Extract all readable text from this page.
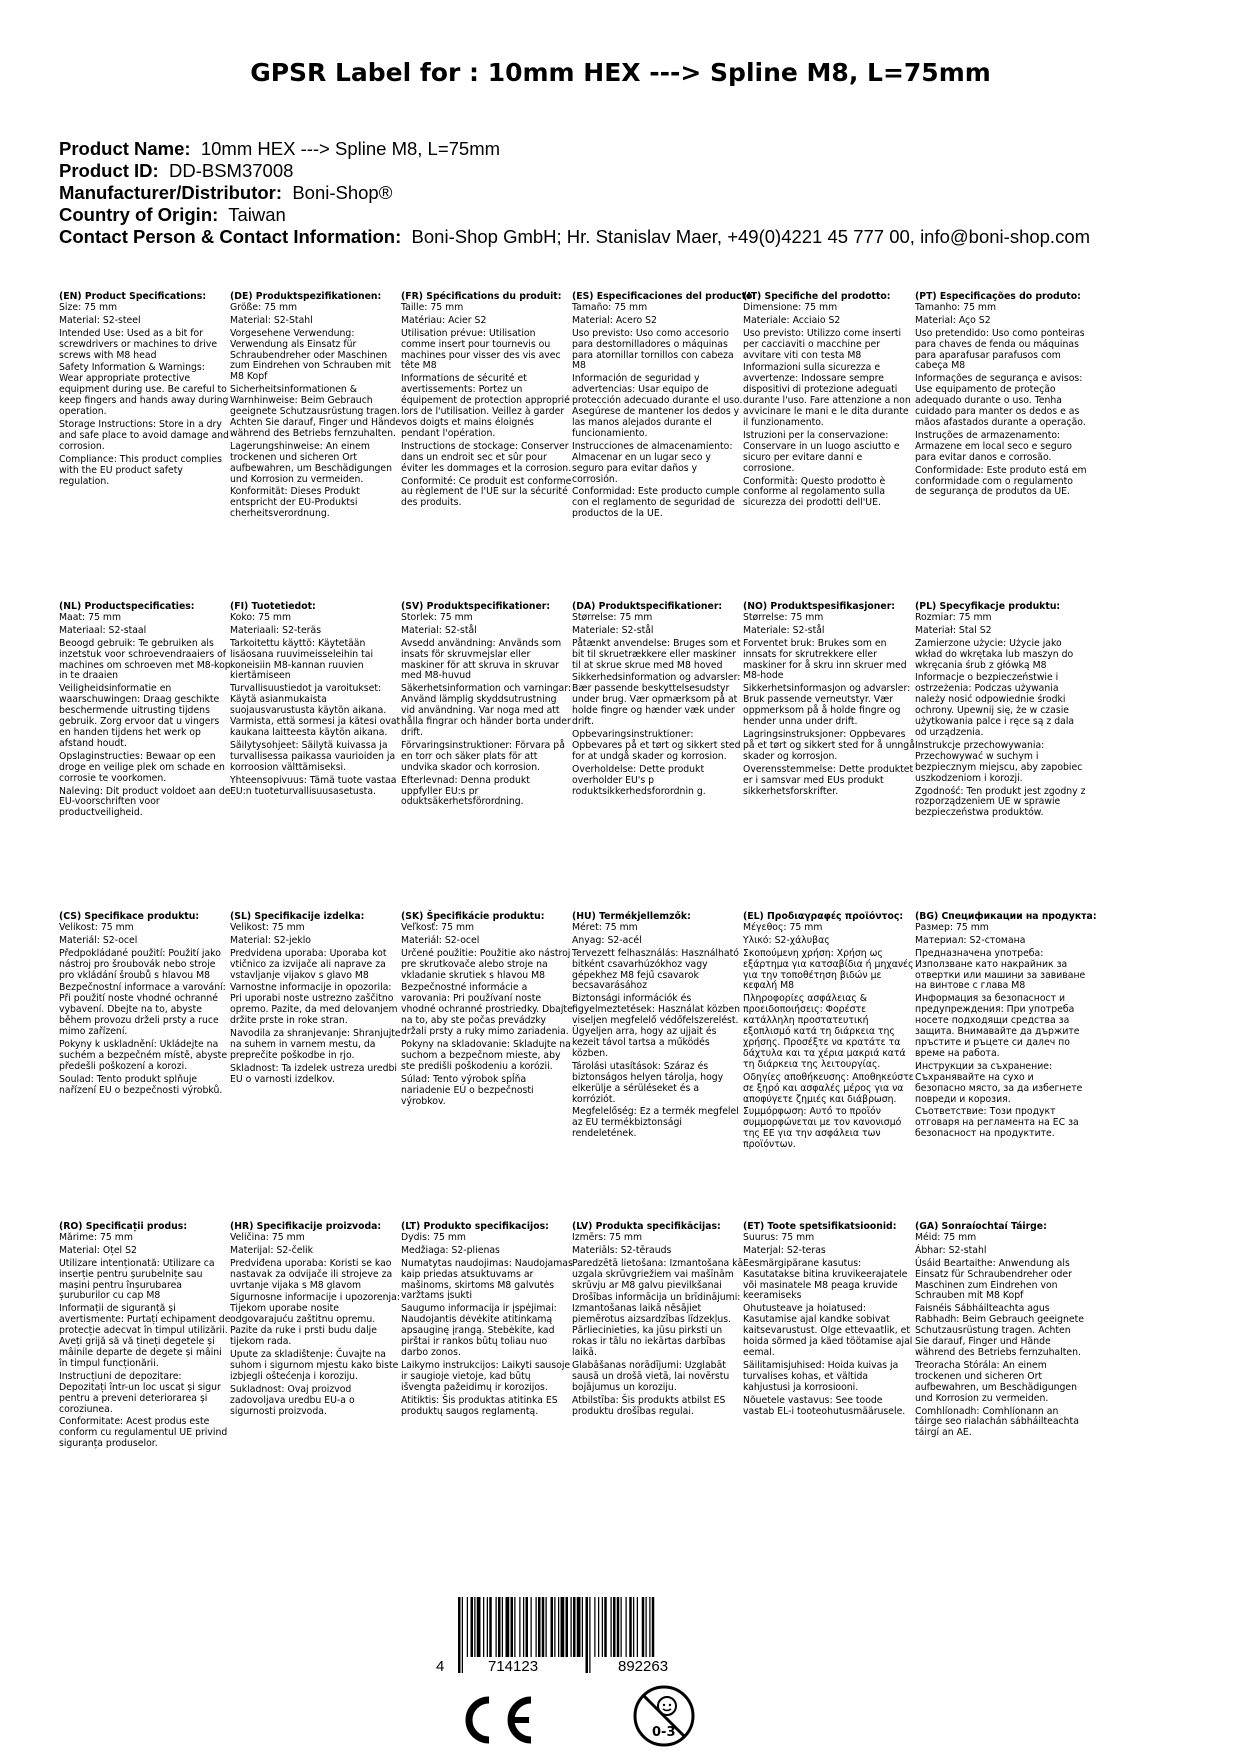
GPSR Label for : 10mm HEX ---> Spline M8, L=75mm
Product Name: 10mm HEX ---> Spline M8, L=75mm
Product ID: DD-BSM37008
Manufacturer/Distributor: Boni-Shop®
Country of Origin: Taiwan
Contact Person & Contact Information: Boni-Shop GmbH; Hr. Stanislav Maer, +49(0)4221 45 777 00, info@boni-shop.com
(EN) Product Specifications:
Size: 75 mm
Material: S2-steel
Intended Use: Used as a bit for screwdrivers or machines to drive screws with M8 head
Safety Information & Warnings: Wear appropriate protective equipment during use. Be careful to keep fingers and hands away during operation.
Storage Instructions: Store in a dry and safe place to avoid damage and corrosion.
Compliance: This product complies with the EU product safety regulation.
(DE) Produktspezifikationen:
Größe: 75 mm
Material: S2-Stahl
Vorgesehene Verwendung: Verwendung als Einsatz für Schraubendreher oder Maschinen zum Eindrehen von Schrauben mit M8 Kopf
Sicherheitsinformationen & Warnhinweise: Beim Gebrauch geeignete Schutzausrüstung tragen. Achten Sie darauf, Finger und Hände während des Betriebs fernzuhalten.
Lagerungshinweise: An einem trockenen und sicheren Ort aufbewahren, um Beschädigungen und Korrosion zu vermeiden.
Konformität: Dieses Produkt entspricht der EU-Produktsi cherheitsverordnung.
(FR) Spécifications du produit:
Taille: 75 mm
Matériau: Acier S2
Utilisation prévue: Utilisation comme insert pour tournevis ou machines pour visser des vis avec tête M8
Informations de sécurité et avertissements: Portez un équipement de protection approprié lors de l'utilisation. Veillez à garder vos doigts et mains éloignés pendant l'opération.
Instructions de stockage: Conserver dans un endroit sec et sûr pour éviter les dommages et la corrosion.
Conformité: Ce produit est conforme au règlement de l'UE sur la sécurité des produits.
(ES) Especificaciones del producto:
Tamaño: 75 mm
Material: Acero S2
Uso previsto: Uso como accesorio para destornilladores o máquinas para atornillar tornillos con cabeza M8
Información de seguridad y advertencias: Usar equipo de protección adecuado durante el uso. Asegúrese de mantener los dedos y las manos alejados durante el funcionamiento.
Instrucciones de almacenamiento: Almacenar en un lugar seco y seguro para evitar daños y corrosión.
Conformidad: Este producto cumple con el reglamento de seguridad de productos de la UE.
(IT) Specifiche del prodotto:
Dimensione: 75 mm
Materiale: Acciaio S2
Uso previsto: Utilizzo come inserti per cacciaviti o macchine per avvitare viti con testa M8
Informazioni sulla sicurezza e avvertenze: Indossare sempre dispositivi di protezione adeguati durante l'uso. Fare attenzione a non avvicinare le mani e le dita durante il funzionamento.
Istruzioni per la conservazione: Conservare in un luogo asciutto e sicuro per evitare danni e corrosione.
Conformità: Questo prodotto è conforme al regolamento sulla sicurezza dei prodotti dell'UE.
(PT) Especificações do produto:
Tamanho: 75 mm
Material: Aço S2
Uso pretendido: Uso como ponteiras para chaves de fenda ou máquinas para aparafusar parafusos com cabeça M8
Informações de segurança e avisos: Use equipamento de proteção adequado durante o uso. Tenha cuidado para manter os dedos e as mãos afastados durante a operação.
Instruções de armazenamento: Armazene em local seco e seguro para evitar danos e corrosão.
Conformidade: Este produto está em conformidade com o regulamento de segurança de produtos da UE.
(NL) Productspecificaties:
Maat: 75 mm
Materiaal: S2-staal
Beoogd gebruik: Te gebruiken als inzetstuk voor schroevendraaiers of machines om schroeven met M8-kop in te draaien
Veiligheidsinformatie en waarschuwingen: Draag geschikte beschermende uitrusting tijdens gebruik. Zorg ervoor dat u vingers en handen tijdens het werk op afstand houdt.
Opslaginstructies: Bewaar op een droge en veilige plek om schade en corrosie te voorkomen.
Naleving: Dit product voldoet aan de EU-voorschriften voor productveiligheid.
(FI) Tuotetiedot:
Koko: 75 mm
Materiaali: S2-teräs
Tarkoitettu käyttö: Käytetään lisäosana ruuvimeisseleihin tai koneisiin M8-kannan ruuvien kiertämiseen
Turvallisuustiedot ja varoitukset: Käytä asianmukaista suojausvarustusta käytön aikana. Varmista, että sormesi ja kätesi ovat kaukana laitteesta käytön aikana.
Säilytysohjeet: Säilytä kuivassa ja turvallisessa paikassa vaurioiden ja korroosion välttämiseksi.
Yhteensopivuus: Tämä tuote vastaa EU:n tuoteturvallisuusasetusta.
(SV) Produktspecifikationer:
Storlek: 75 mm
Material: S2-stål
Avsedd användning: Används som insats för skruvmejslar eller maskiner för att skruva in skruvar med M8-huvud
Säkerhetsinformation och varningar: Använd lämplig skyddsutrustning vid användning. Var noga med att hålla fingrar och händer borta under drift.
Förvaringsinstruktioner: Förvara på en torr och säker plats för att undvika skador och korrosion.
Efterlevnad: Denna produkt uppfyller EU:s pr oduktsäkerhetsförordning.
(DA) Produktspecifikationer:
Størrelse: 75 mm
Materiale: S2-stål
Påtænkt anvendelse: Bruges som et bit til skruetrækkere eller maskiner til at skrue skrue med M8 hoved
Sikkerhedsinformation og advarsler: Bær passende beskyttelsesudstyr under brug. Vær opmærksom på at holde fingre og hænder væk under drift.
Opbevaringsinstruktioner: Opbevares på et tørt og sikkert sted for at undgå skader og korrosion.
Overholdelse: Dette produkt overholder EU's p roduktsikkerhedsforordnin g.
(NO) Produktspesifikasjoner:
Størrelse: 75 mm
Materiale: S2-stål
Forventet bruk: Brukes som en innsats for skrutrekkere eller maskiner for å skru inn skruer med M8-hode
Sikkerhetsinformasjon og advarsler: Bruk passende verneutstyr. Vær oppmerksom på å holde fingre og hender unna under drift.
Lagringsinstruksjoner: Oppbevares på et tørt og sikkert sted for å unngå skader og korrosjon.
Overensstemmelse: Dette produktet er i samsvar med EUs produkt sikkerhetsforskrifter.
(PL) Specyfikacje produktu:
Rozmiar: 75 mm
Materiał: Stal S2
Zamierzone użycie: Użycie jako wkład do wkrętaka lub maszyn do wkręcania śrub z główką M8
Informacje o bezpieczeństwie i ostrzeżenia: Podczas używania należy nosić odpowiednie środki ochrony. Upewnij się, że w czasie użytkowania palce i ręce są z dala od urządzenia.
Instrukcje przechowywania: Przechowywać w suchym i bezpiecznym miejscu, aby zapobiec uszkodzeniom i korozji.
Zgodność: Ten produkt jest zgodny z rozporządzeniem UE w sprawie bezpieczeństwa produktów.
(CS) Specifikace produktu:
Velikost: 75 mm
Materiál: S2-ocel
Předpokládané použití: Použití jako nástroj pro šroubovák nebo stroje pro vkládání šroubů s hlavou M8
Bezpečnostní informace a varování: Při použití noste vhodné ochranné vybavení. Dbejte na to, abyste během provozu drželi prsty a ruce mimo zařízení.
Pokyny k uskladnění: Ukládejte na suchém a bezpečném místě, abyste předešli poškození a korozi.
Soulad: Tento produkt splňuje nařízení EU o bezpečnosti výrobků.
(SL) Specifikacije izdelka:
Velikost: 75 mm
Material: S2-jeklo
Predvidena uporaba: Uporaba kot vtičnico za izvijače ali naprave za vstavljanje vijakov s glavo M8
Varnostne informacije in opozorila: Pri uporabi noste ustrezno zaščitno opremo. Pazite, da med delovanjem držite prste in roke stran.
Navodila za shranjevanje: Shranjujte na suhem in varnem mestu, da preprečite poškodbe in rjo.
Skladnost: Ta izdelek ustreza uredbi EU o varnosti izdelkov.
(SK) Špecifikácie produktu:
Veľkosť: 75 mm
Materiál: S2-ocel
Určené použitie: Použitie ako nástroj pre skrutkovače alebo stroje na vkladanie skrutiek s hlavou M8
Bezpečnostné informácie a varovania: Pri používaní noste vhodné ochranné prostriedky. Dbajte na to, aby ste počas prevádzky držali prsty a ruky mimo zariadenia.
Pokyny na skladovanie: Skladujte na suchom a bezpečnom mieste, aby ste predišli poškodeniu a korózii.
Súlad: Tento výrobok spĺňa nariadenie EÚ o bezpečnosti výrobkov.
(HU) Termékjellemzők:
Méret: 75 mm
Anyag: S2-acél
Tervezett felhasználás: Használható bitként csavarhúzókhoz vagy gépekhez M8 fejű csavarok becsavarásához
Biztonsági információk és figyelmeztetések: Használat közben viseljen megfelelő védőfelszerelést. Ügyeljen arra, hogy az ujjait és kezeit távol tartsa a működés közben.
Tárolási utasítások: Száraz és biztonságos helyen tárolja, hogy elkerülje a sérüléseket és a korróziót.
Megfelelőség: Ez a termék megfelel az EU termékbiztonsági rendeletének.
(EL) Προδιαγραφές προϊόντος:
Μέγεθος: 75 mm
Υλικό: S2-χάλυβας
Σκοπούμενη χρήση: Χρήση ως εξάρτημα για κατσαβίδια ή μηχανές για την τοποθέτηση βιδών με κεφαλή M8
Πληροφορίες ασφάλειας & προειδοποιήσεις: Φορέστε κατάλληλη προστατευτική εξοπλισμό κατά τη διάρκεια της χρήσης. Προσέξτε να κρατάτε τα δάχτυλα και τα χέρια μακριά κατά τη διάρκεια της λειτουργίας.
Οδηγίες αποθήκευσης: Αποθηκεύστε σε ξηρό και ασφαλές μέρος για να αποφύγετε ζημιές και διάβρωση.
Συμμόρφωση: Αυτό το προϊόν συμμορφώνεται με τον κανονισμό της ΕΕ για την ασφάλεια των προϊόντων.
(BG) Спецификации на продукта:
Размер: 75 mm
Материал: S2-стомана
Предназначена употреба: Използване като накрайник за отвертки или машини за завиване на винтове с глава M8
Информация за безопасност и предупреждения: При употреба носете подходящи средства за защита. Внимавайте да държите пръстите и ръцете си далеч по време на работа.
Инструкции за съхранение: Съхранявайте на сухо и безопасно място, за да избегнете повреди и корозия.
Съответствие: Този продукт отговаря на регламента на ЕС за безопасност на продуктите.
(RO) Specificații produs:
Mărime: 75 mm
Material: Oțel S2
Utilizare intenționată: Utilizare ca inserție pentru șurubelnițe sau mașini pentru înșurubarea șuruburilor cu cap M8
Informații de siguranță și avertismente: Purtați echipament de protecție adecvat în timpul utilizării. Aveți grijă să vă țineți degetele și mâinile departe de degete și mâini în timpul funcționării.
Instrucțiuni de depozitare: Depozitați într-un loc uscat și sigur pentru a preveni deteriorarea și coroziunea.
Conformitate: Acest produs este conform cu regulamentul UE privind siguranța produselor.
(HR) Specifikacije proizvoda:
Veličina: 75 mm
Materijal: S2-čelik
Predviđena uporaba: Koristi se kao nastavak za odvijače ili strojeve za uvrtanje vijaka s M8 glavom
Sigurnosne informacije i upozorenja: Tijekom uporabe nosite odgovarajuću zaštitnu opremu. Pazite da ruke i prsti budu dalje tijekom rada.
Upute za skladištenje: Čuvajte na suhom i sigurnom mjestu kako biste izbjegli oštećenja i koroziju.
Sukladnost: Ovaj proizvod zadovoljava uredbu EU-a o sigurnosti proizvoda.
(LT) Produkto specifikacijos:
Dydis: 75 mm
Medžiaga: S2-plienas
Numatytas naudojimas: Naudojamas kaip priedas atsuktuvams ar mašinoms, skirtoms M8 galvutės varžtams įsukti
Saugumo informacija ir įspėjimai: Naudojantis dėvėkite atitinkamą apsauginę įrangą. Stebėkite, kad pirštai ir rankos būtų toliau nuo darbo zonos.
Laikymo instrukcijos: Laikyti sausoje ir saugioje vietoje, kad būtų išvengta pažeidimų ir korozijos.
Atitiktis: Šis produktas atitinka ES produktų saugos reglamentą.
(LV) Produkta specifikācijas:
Izmērs: 75 mm
Materiāls: S2-tērauds
Paredzētā lietošana: Izmantošana kā uzgala skrūvgriežiem vai mašīnām skrūvju ar M8 galvu pievilkšanai
Drošības informācija un brīdinājumi: Izmantošanas laikā nēsājiet piemērotus aizsardzības līdzekļus. Pārliecinieties, ka jūsu pirksti un rokas ir tālu no iekārtas darbības laikā.
Glabāšanas norādījumi: Uzglabāt sausā un drošā vietā, lai novērstu bojājumus un koroziju.
Atbilstība: Šis produkts atbilst ES produktu drošības regulai.
(ET) Toote spetsifikatsioonid:
Suurus: 75 mm
Materjal: S2-teras
Eesmärgipärane kasutus: Kasutatakse bitina kruvikeerajatele või masinatele M8 peaga kruvide keeramiseks
Ohutusteave ja hoiatused: Kasutamise ajal kandke sobivat kaitsevarustust. Olge ettevaatlik, et hoida sõrmed ja käed töötamise ajal eemal.
Säilitamisjuhised: Hoida kuivas ja turvalises kohas, et vältida kahjustusi ja korrosiooni.
Nõuetele vastavus: See toode vastab EL-i tooteohutusmäärusele.
(GA) Sonraíochtaí Táirge:
Méid: 75 mm
Ábhar: S2-stahl
Úsáid Beartaithe: Anwendung als Einsatz für Schraubendreher oder Maschinen zum Eindrehen von Schrauben mit M8 Kopf
Faisnéis Sábháilteachta agus Rabhadh: Beim Gebrauch geeignete Schutzausrüstung tragen. Achten Sie darauf, Finger und Hände während des Betriebs fernzuhalten.
Treoracha Stórála: An einem trockenen und sicheren Ort aufbewahren, um Beschädigungen und Korrosion zu vermeiden.
Comhlíonadh: Comhlíonann an táirge seo rialachán sábháilteachta táirgí an AE.
4	714123	892263
0-3
